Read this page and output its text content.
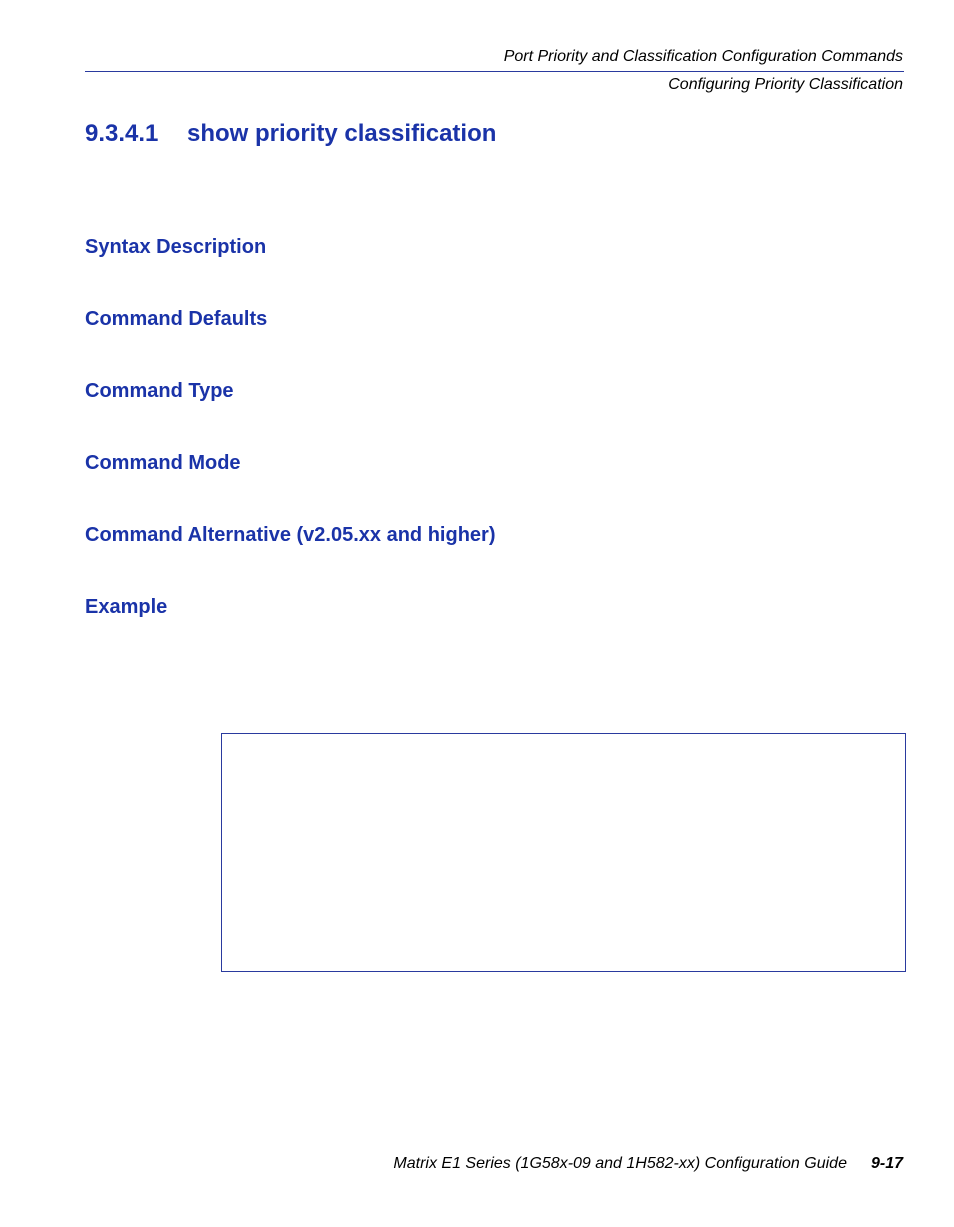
Port Priority and Classification Configuration Commands
Configuring Priority Classification
9.3.4.1 show priority classification
Syntax Description
Command Defaults
Command Type
Command Mode
Command Alternative (v2.05.xx and higher)
Example
Matrix E1 Series (1G58x-09 and 1H582-xx) Configuration Guide 9-17
